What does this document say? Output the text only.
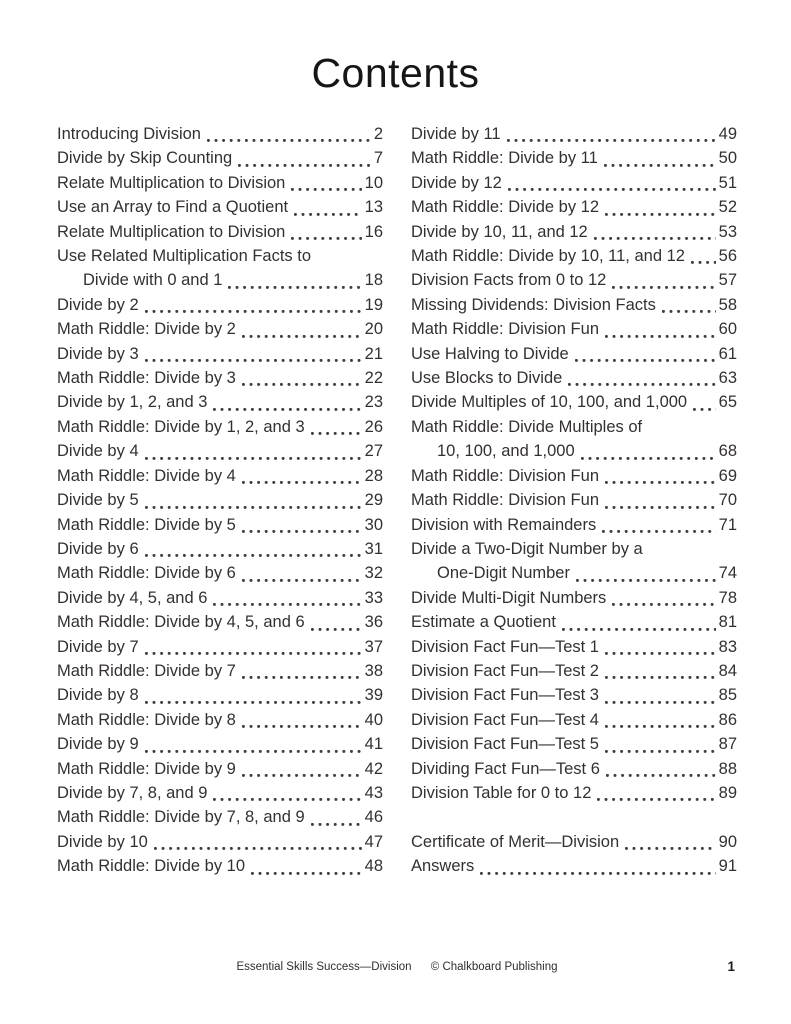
Contents
Introducing Division	2
Divide by Skip Counting	7
Relate Multiplication to Division	10
Use an Array to Find a Quotient	13
Relate Multiplication to Division	16
Use Related Multiplication Facts to
Divide with 0 and 1	18
Divide by 2	19
Math Riddle: Divide by 2	20
Divide by 3	21
Math Riddle: Divide by 3	22
Divide by 1, 2, and 3	23
Math Riddle: Divide by 1, 2, and 3	26
Divide by 4	27
Math Riddle: Divide by 4	28
Divide by 5	29
Math Riddle: Divide by 5	30
Divide by 6	31
Math Riddle: Divide by 6	32
Divide by 4, 5, and 6	33
Math Riddle: Divide by 4, 5, and 6	36
Divide by 7	37
Math Riddle: Divide by 7	38
Divide by 8	39
Math Riddle: Divide by 8	40
Divide by 9	41
Math Riddle: Divide by 9	42
Divide by 7, 8, and 9	43
Math Riddle: Divide by 7, 8, and 9	46
Divide by 10	47
Math Riddle: Divide by 10	48
Divide by 11	49
Math Riddle: Divide by 11	50
Divide by 12	51
Math Riddle: Divide by 12	52
Divide by 10, 11, and 12	53
Math Riddle: Divide by 10, 11, and 12 56
Division Facts from 0 to 12	57
Missing Dividends: Division Facts	58
Math Riddle: Division Fun	60
Use Halving to Divide	61
Use Blocks to Divide	63
Divide Multiples of 10, 100, and 1,000 65
Math Riddle: Divide Multiples of
10, 100, and 1,000	68
Math Riddle: Division Fun	69
Math Riddle: Division Fun	70
Division with Remainders	71
Divide a Two-Digit Number by a
One-Digit Number	74
Divide Multi-Digit Numbers	78
Estimate a Quotient	81
Division Fact Fun—Test 1	83
Division Fact Fun—Test 2	84
Division Fact Fun—Test 3	85
Division Fact Fun—Test 4	86
Division Fact Fun—Test 5	87
Dividing Fact Fun—Test 6	88
Division Table for 0 to 12	89
Certificate of Merit—Division	90
Answers	91
Essential Skills Success—Division © Chalkboard Publishing	1
